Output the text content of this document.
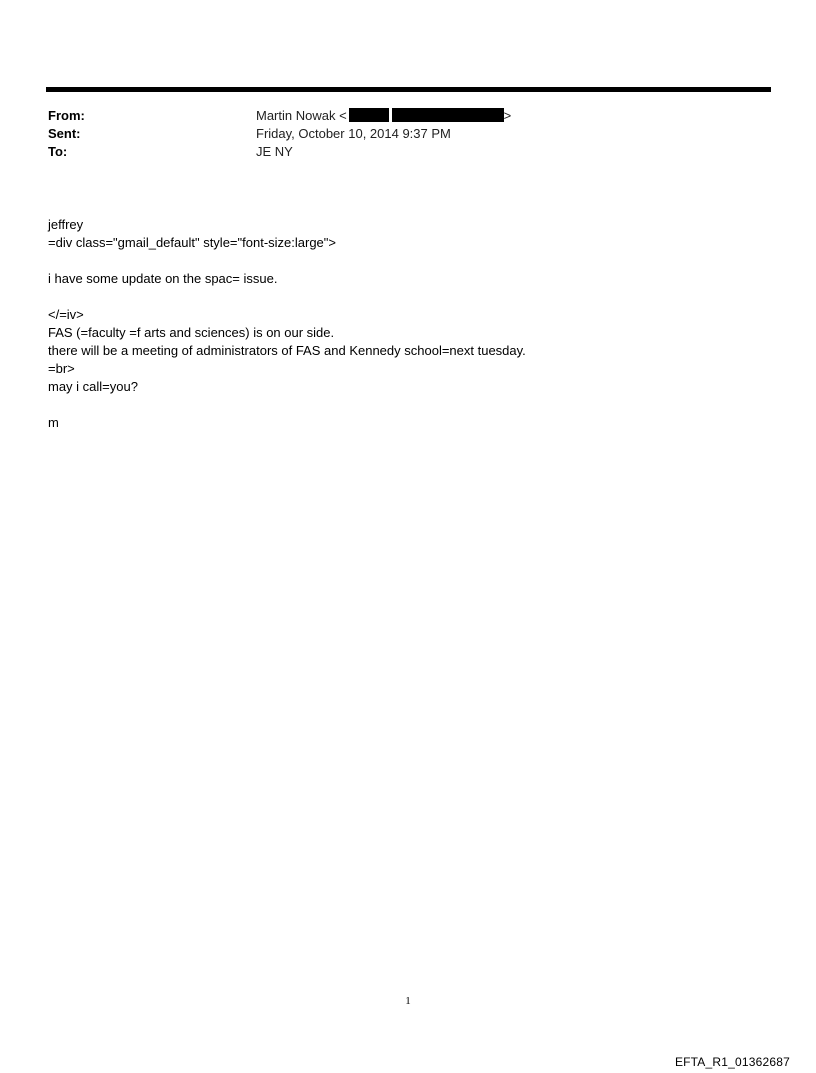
From:	Martin Nowak <	>
Sent:	Friday, October 10, 2014 9:37 PM
To:	JE NY
jeffrey
=div class="gmail_default" style="font-size:large">
i have some update on the spac= issue.
</=iv>
FAS (=faculty =f arts and sciences) is on our side.
there will be a meeting of administrators of FAS and Kennedy school=next tuesday.
=br>
may i call=you?
m
1
EFTA_R1_01362687
